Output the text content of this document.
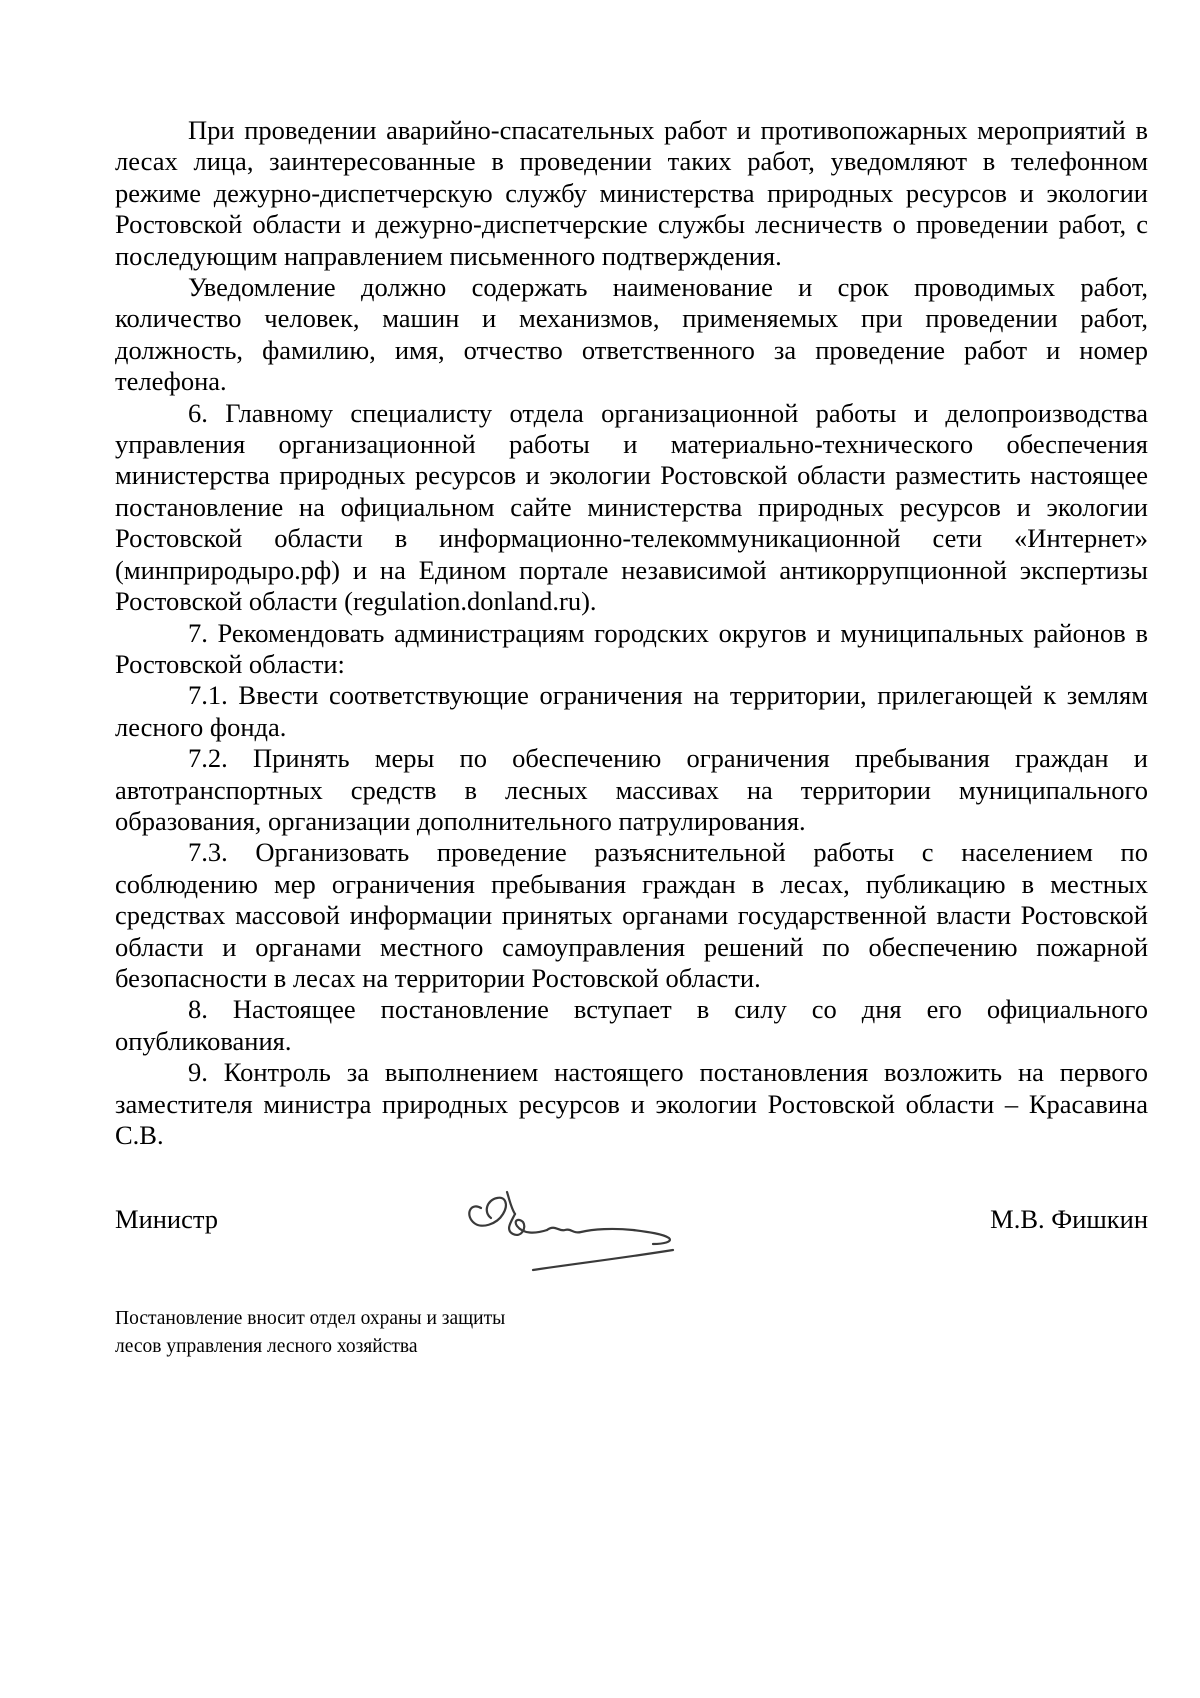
При проведении аварийно-спасательных работ и противопожарных мероприятий в лесах лица, заинтересованные в проведении таких работ, уведомляют в телефонном режиме дежурно-диспетчерскую службу министерства природных ресурсов и экологии Ростовской области и дежурно-диспетчерские службы лесничеств о проведении работ, с последующим направлением письменного подтверждения.

Уведомление должно содержать наименование и срок проводимых работ, количество человек, машин и механизмов, применяемых при проведении работ, должность, фамилию, имя, отчество ответственного за проведение работ и номер телефона.

6. Главному специалисту отдела организационной работы и делопроизводства управления организационной работы и материально-технического обеспечения министерства природных ресурсов и экологии Ростовской области разместить настоящее постановление на официальном сайте министерства природных ресурсов и экологии Ростовской области в информационно-телекоммуникационной сети «Интернет» (минприродыро.рф) и на Едином портале независимой антикоррупционной экспертизы Ростовской области (regulation.donland.ru).

7. Рекомендовать администрациям городских округов и муниципальных районов в Ростовской области:

7.1. Ввести соответствующие ограничения на территории, прилегающей к землям лесного фонда.

7.2. Принять меры по обеспечению ограничения пребывания граждан и автотранспортных средств в лесных массивах на территории муниципального образования, организации дополнительного патрулирования.

7.3. Организовать проведение разъяснительной работы с населением по соблюдению мер ограничения пребывания граждан в лесах, публикацию в местных средствах массовой информации принятых органами государственной власти Ростовской области и органами местного самоуправления решений по обеспечению пожарной безопасности в лесах на территории Ростовской области.

8. Настоящее постановление вступает в силу со дня его официального опубликования.

9. Контроль за выполнением настоящего постановления возложить на первого заместителя министра природных ресурсов и экологии Ростовской области – Красавина С.В.

Министр	М.В. Фишкин
Постановление вносит отдел охраны и защиты
лесов управления лесного хозяйства
